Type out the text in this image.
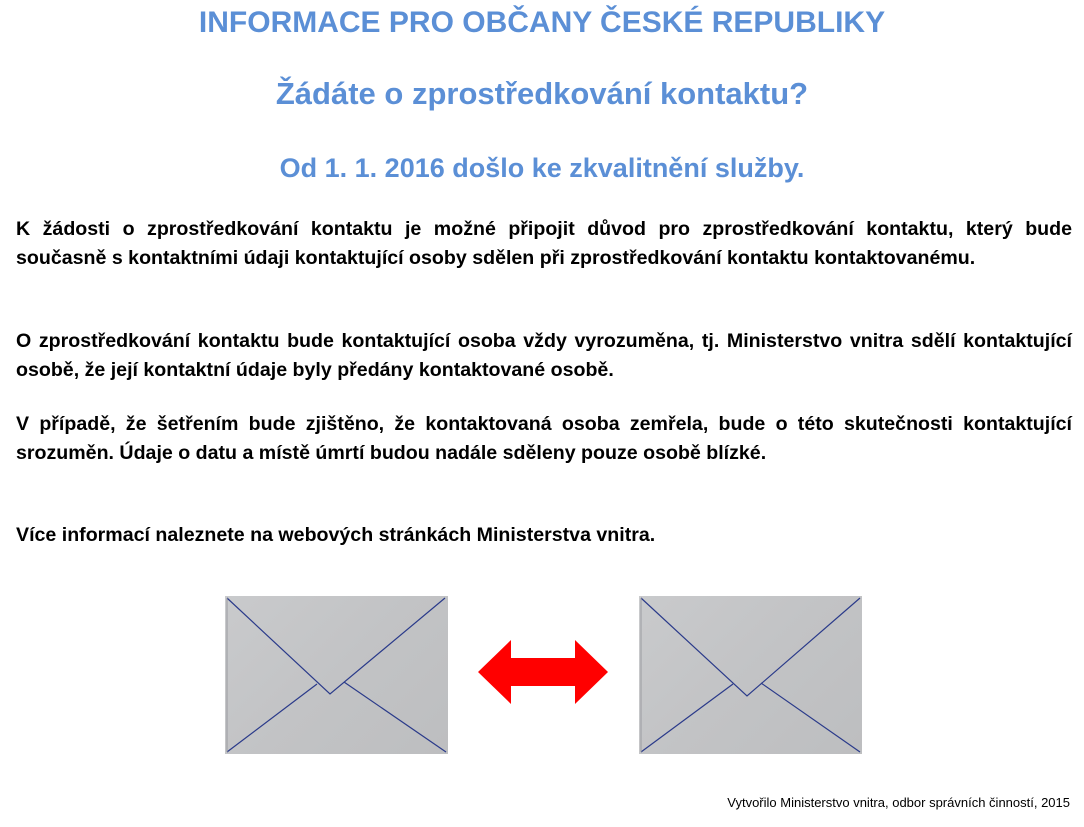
INFORMACE PRO OBČANY ČESKÉ REPUBLIKY
Žádáte o zprostředkování kontaktu?
Od 1. 1. 2016 došlo ke zkvalitnění služby.

K žádosti o zprostředkování kontaktu je možné připojit důvod pro zprostředkování kontaktu, který bude současně s kontaktními údaji kontaktující osoby sdělen při zprostředkování kontaktu kontaktovanému.

O zprostředkování kontaktu bude kontaktující osoba vždy vyrozuměna, tj. Ministerstvo vnitra sdělí kontaktující osobě, že její kontaktní údaje byly předány kontaktované osobě.

V případě, že šetřením bude zjištěno, že kontaktovaná osoba zemřela, bude o této skutečnosti kontaktující srozuměn. Údaje o datu a místě úmrtí budou nadále sděleny pouze osobě blízké.

Více informací naleznete na webových stránkách Ministerstva vnitra.

Vytvořilo Ministerstvo vnitra, odbor správních činností, 2015
